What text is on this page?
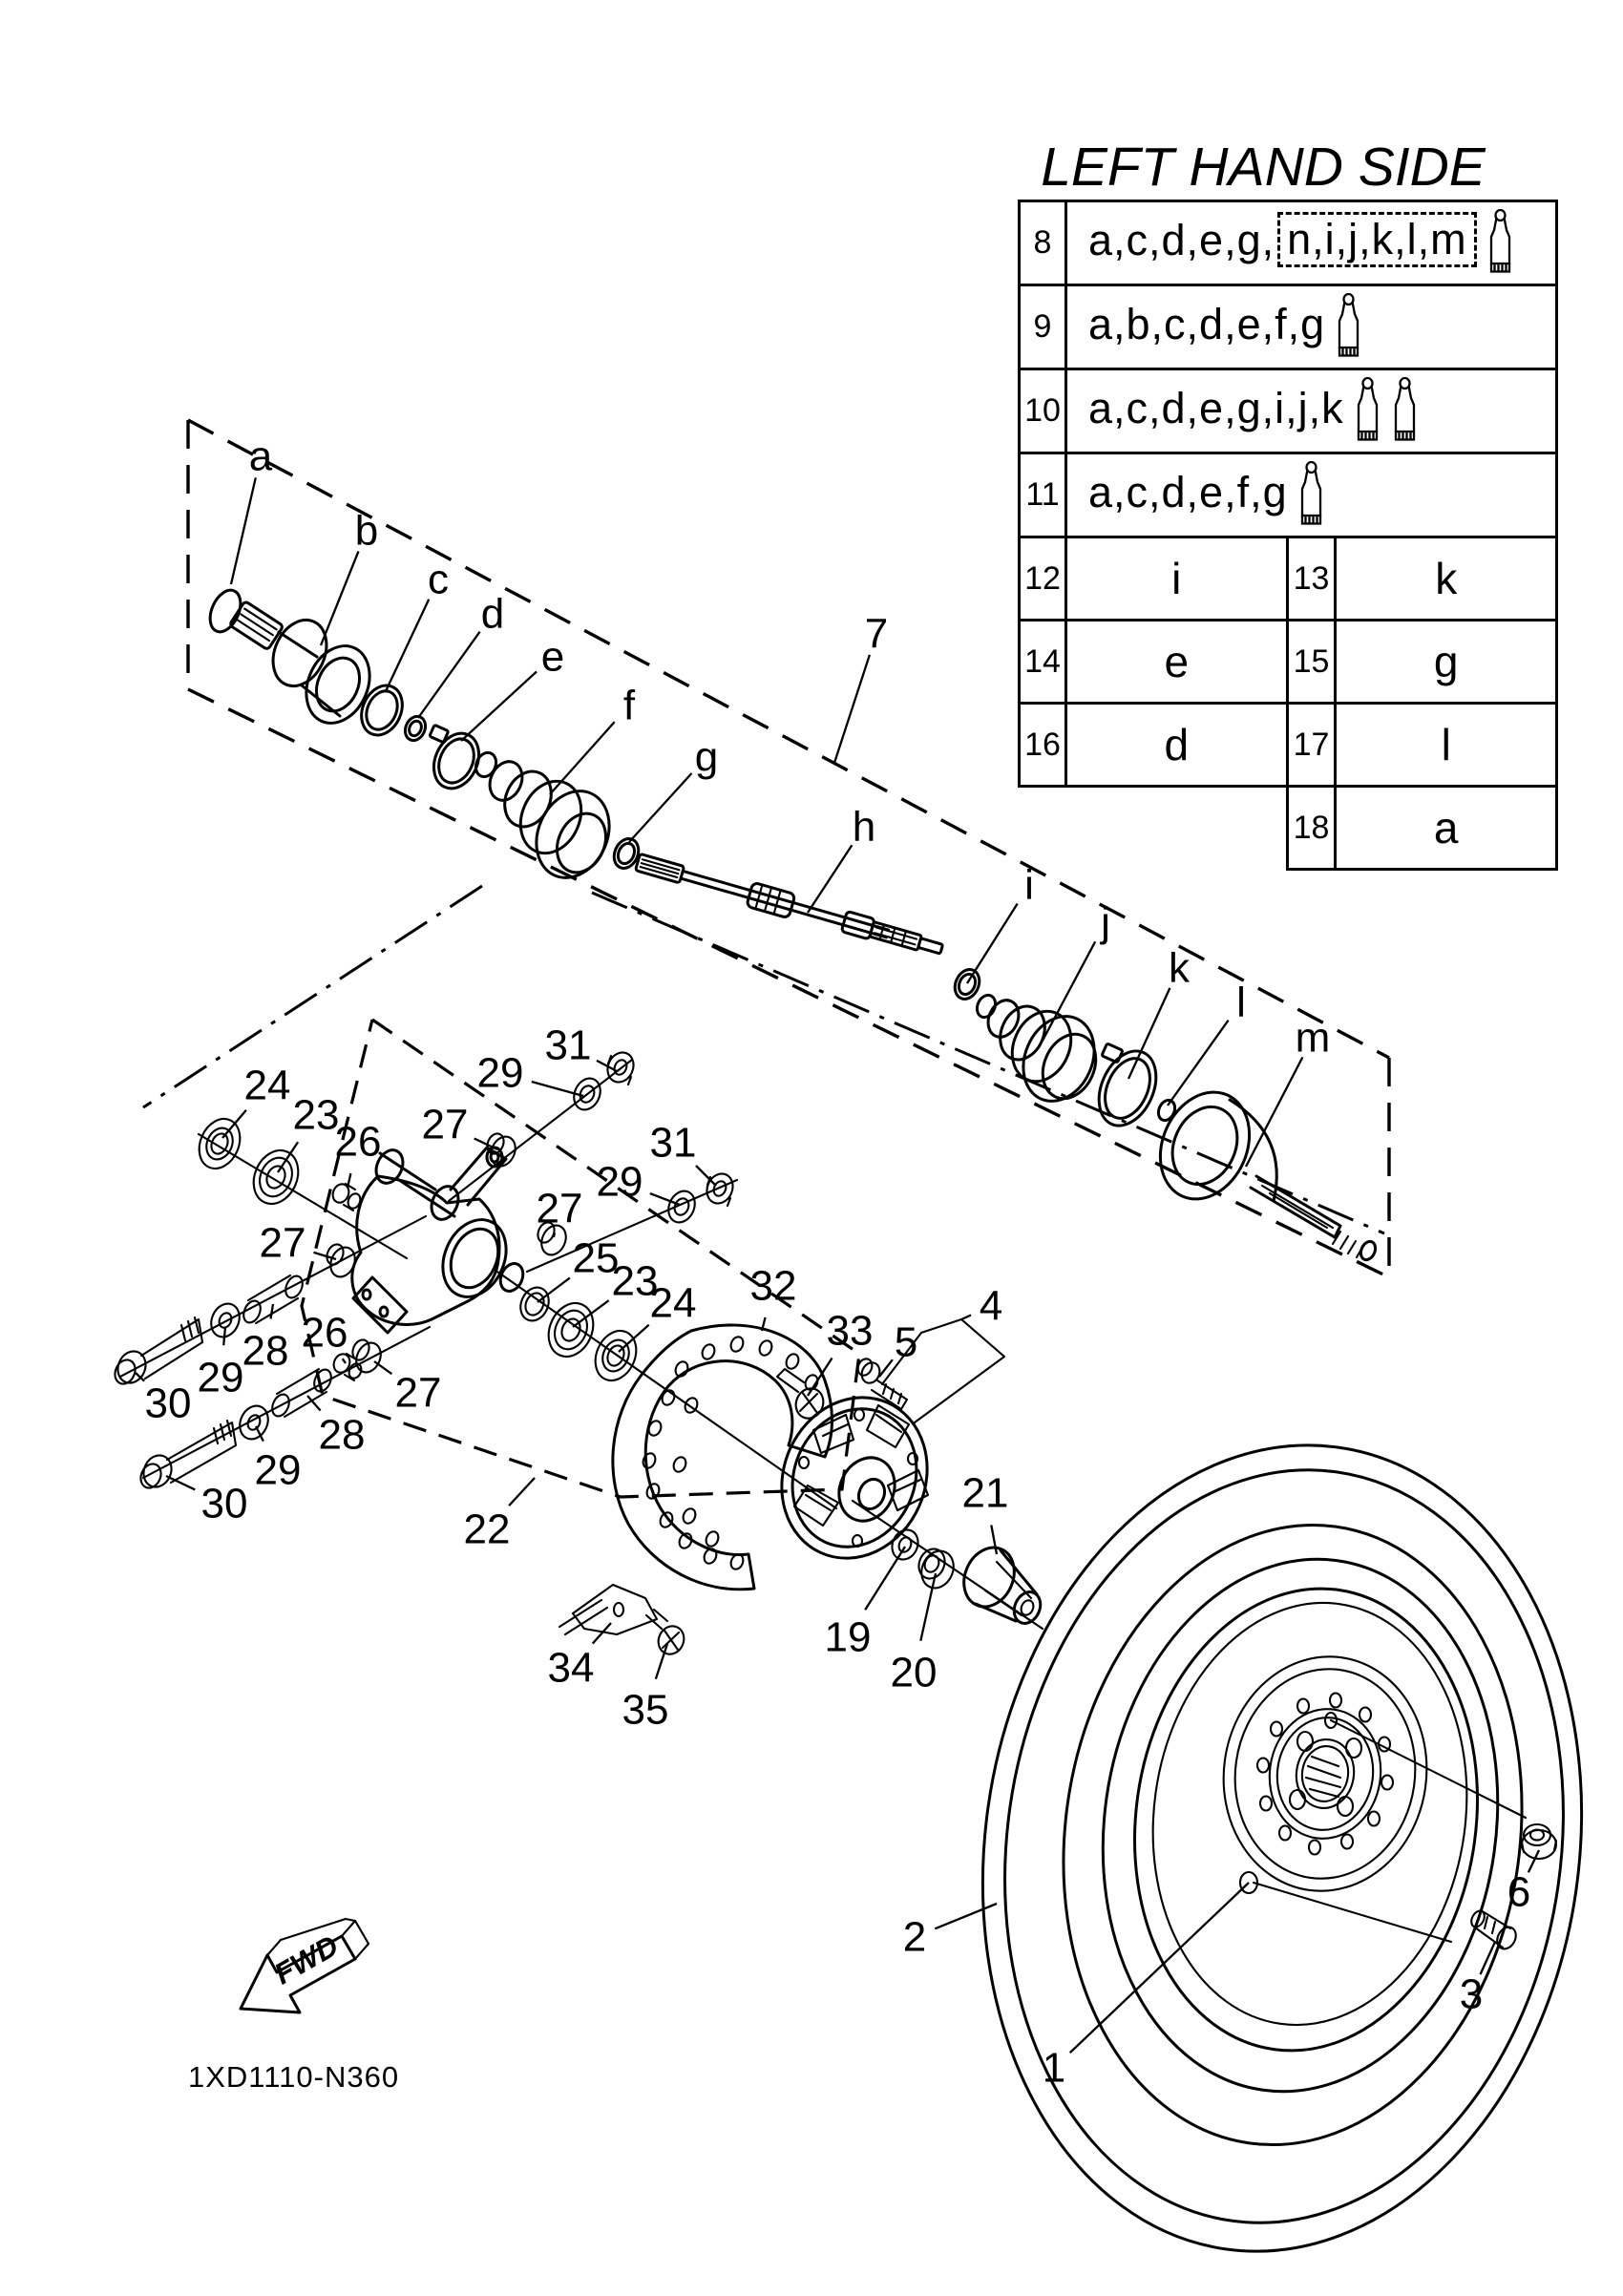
FWD
1XD1110-N360
a
b
c
d
e
f
g
7
h
i
j
k
l
m
24
23
26 27
29
31
31
29
27
27	25
23
24
26
28
29
30	27
28
29
30
22
32
33 5
4
21
19
20
34
35
1
2
3
6
LEFT HAND SIDE
8	a,c,d,e,g, n,i,j,k,l,m		
9	a,b,c,d,e,f,g		
10	a,c,d,e,g,i,j,k		
11	a,c,d,e,f,g		
12	i	13	k
14	e	15	g
16	d	17	l
		18	a
